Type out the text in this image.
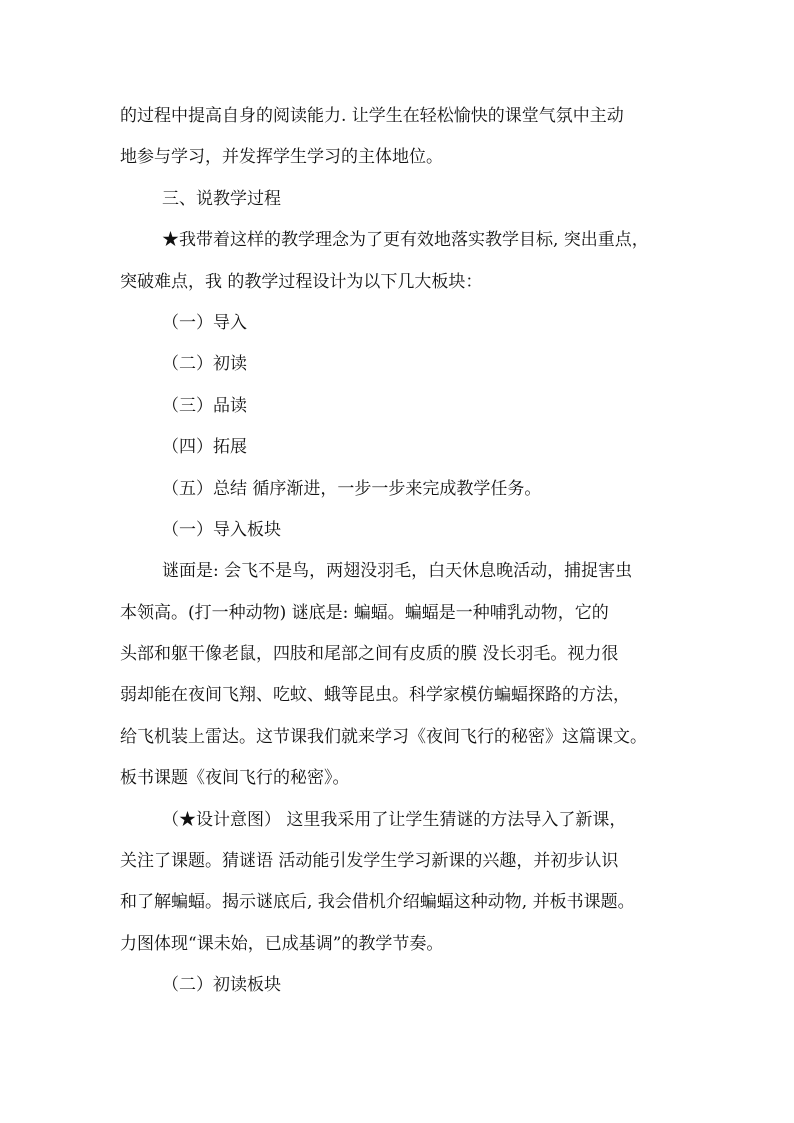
的过程中提高自身的阅读能力. 让学生在轻松愉快的课堂气氛中主动
地参与学习，并发挥学生学习的主体地位。
三、说教学过程
★我带着这样的教学理念为了更有效地落实教学目标, 突出重点，
突破难点，我 的教学过程设计为以下几大板块：
（一）导入
（二）初读
（三）品读
（四）拓展
（五）总结 循序渐进，一步一步来完成教学任务。
（一）导入板块
谜面是: 会飞不是鸟，两翅没羽毛，白天休息晚活动，捕捉害虫
本领高。(打一种动物) 谜底是: 蝙蝠。蝙蝠是一种哺乳动物，它的
头部和躯干像老鼠，四肢和尾部之间有皮质的膜 没长羽毛。视力很
弱却能在夜间飞翔、吃蚊、蛾等昆虫。科学家模仿蝙蝠探路的方法，
给飞机装上雷达。这节课我们就来学习《夜间飞行的秘密》这篇课文。
板书课题《夜间飞行的秘密》。
（★设计意图） 这里我采用了让学生猜谜的方法导入了新课，
关注了课题。猜谜语 活动能引发学生学习新课的兴趣，并初步认识
和了解蝙蝠。揭示谜底后, 我会借机介绍蝙蝠这种动物, 并板书课题。
力图体现“课未始，已成基调”的教学节奏。
（二）初读板块
